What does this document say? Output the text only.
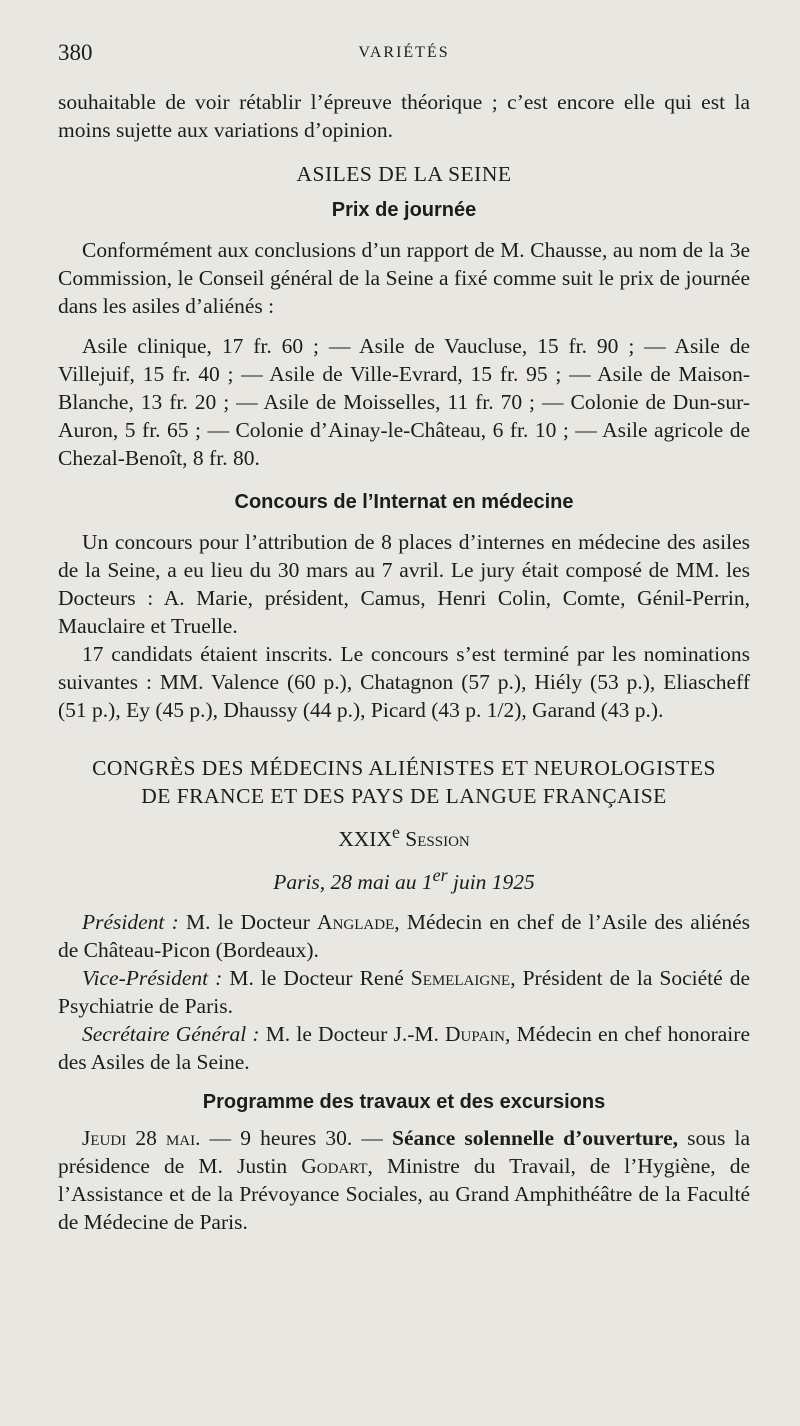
380	VARIÉTÉS

souhaitable de voir rétablir l’épreuve théorique ; c’est encore elle qui est la moins sujette aux variations d’opinion.

ASILES DE LA SEINE
Prix de journée

Conformément aux conclusions d’un rapport de M. Chausse, au nom de la 3e Commission, le Conseil général de la Seine a fixé comme suit le prix de journée dans les asiles d’aliénés :

Asile clinique, 17 fr. 60 ; — Asile de Vaucluse, 15 fr. 90 ; — Asile de Villejuif, 15 fr. 40 ; — Asile de Ville-Evrard, 15 fr. 95 ; — Asile de Maison-Blanche, 13 fr. 20 ; — Asile de Moisselles, 11 fr. 70 ; — Colonie de Dun-sur-Auron, 5 fr. 65 ; — Colonie d’Ainay-le-Château, 6 fr. 10 ; — Asile agricole de Chezal-Benoît, 8 fr. 80.

Concours de l’Internat en médecine

Un concours pour l’attribution de 8 places d’internes en médecine des asiles de la Seine, a eu lieu du 30 mars au 7 avril. Le jury était composé de MM. les Docteurs : A. Marie, président, Camus, Henri Colin, Comte, Génil-Perrin, Mauclaire et Truelle.

17 candidats étaient inscrits. Le concours s’est terminé par les nominations suivantes : MM. Valence (60 p.), Chatagnon (57 p.), Hiély (53 p.), Eliascheff (51 p.), Ey (45 p.), Dhaussy (44 p.), Picard (43 p. 1/2), Garand (43 p.).

CONGRÈS DES MÉDECINS ALIÉNISTES ET NEUROLOGISTES
DE FRANCE ET DES PAYS DE LANGUE FRANÇAISE
XXIXe Session
Paris, 28 mai au 1er juin 1925

Président : M. le Docteur Anglade, Médecin en chef de l’Asile des aliénés de Château-Picon (Bordeaux).

Vice-Président : M. le Docteur René Semelaigne, Président de la Société de Psychiatrie de Paris.

Secrétaire Général : M. le Docteur J.-M. Dupain, Médecin en chef honoraire des Asiles de la Seine.

Programme des travaux et des excursions

Jeudi 28 mai. — 9 heures 30. — Séance solennelle d’ouverture, sous la présidence de M. Justin Godart, Ministre du Travail, de l’Hygiène, de l’Assistance et de la Prévoyance Sociales, au Grand Amphithéâtre de la Faculté de Médecine de Paris.
